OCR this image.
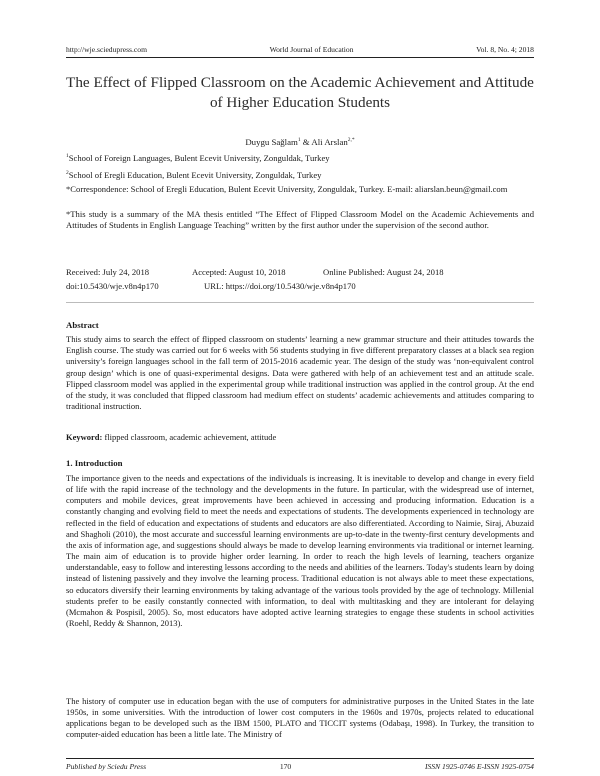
http://wje.sciedupress.com	World Journal of Education	Vol. 8, No. 4; 2018
The Effect of Flipped Classroom on the Academic Achievement and Attitude of Higher Education Students
Duygu Sağlam$^1$ & Ali Arslan$^{2,*}$
$^1$School of Foreign Languages, Bulent Ecevit University, Zonguldak, Turkey
$^2$School of Eregli Education, Bulent Ecevit University, Zonguldak, Turkey
*Correspondence: School of Eregli Education, Bulent Ecevit University, Zonguldak, Turkey. E-mail: aliarslan.beun@gmail.com
*This study is a summary of the MA thesis entitled “The Effect of Flipped Classroom Model on the Academic Achievements and Attitudes of Students in English Language Teaching” written by the first author under the supervision of the second author.
Received: July 24, 2018	Accepted: August 10, 2018	Online Published: August 24, 2018
doi:10.5430/wje.v8n4p170	URL: https://doi.org/10.5430/wje.v8n4p170
Abstract
This study aims to search the effect of flipped classroom on students’ learning a new grammar structure and their attitudes towards the English course. The study was carried out for 6 weeks with 56 students studying in five different preparatory classes at a black sea region university’s foreign languages school in the fall term of 2015-2016 academic year. The design of the study was ‘non-equivalent control group design’ which is one of quasi-experimental designs. Data were gathered with help of an achievement test and an attitude scale. Flipped classroom model was applied in the experimental group while traditional instruction was applied in the control group. At the end of the study, it was concluded that flipped classroom had medium effect on students’ academic achievements and attitudes comparing to traditional instruction.
Keyword: flipped classroom, academic achievement, attitude
1. Introduction
The importance given to the needs and expectations of the individuals is increasing. It is inevitable to develop and change in every field of life with the rapid increase of the technology and the developments in the future. In particular, with the widespread use of internet, computers and mobile devices, great improvements have been achieved in accessing and producing information. Education is a constantly changing and evolving field to meet the needs and expectations of students. The developments experienced in technology are reflected in the field of education and expectations of students and educators are also differentiated. According to Naimie, Siraj, Abuzaid and Shagholi (2010), the most accurate and successful learning environments are up-to-date in the twenty-first century developments and the axis of information age, and suggestions should always be made to develop learning environments via traditional or internet learning. The main aim of education is to provide higher order learning. In order to reach the high levels of learning, teachers organize understandable, easy to follow and interesting lessons according to the needs and abilities of the learners. Today's students learn by doing instead of listening passively and they involve the learning process. Traditional education is not always able to meet these expectations, so educators diversify their learning environments by taking advantage of the various tools provided by the age of technology. Millenial students prefer to be easily constantly connected with information, to deal with multitasking and they are intolerant for delaying (Mcmahon & Pospisil, 2005). So, most educators have adopted active learning strategies to engage these students in school activities (Roehl, Reddy & Shannon, 2013).
The history of computer use in education began with the use of computers for administrative purposes in the United States in the late 1950s, in some universities. With the introduction of lower cost computers in the 1960s and 1970s, projects related to educational applications began to be developed such as the IBM 1500, PLATO and TICCIT systems (Odabaşı, 1998). In Turkey, the transition to computer-aided education has been a little late. The Ministry of
Published by Sciedu Press	170	ISSN 1925-0746 E-ISSN 1925-0754
